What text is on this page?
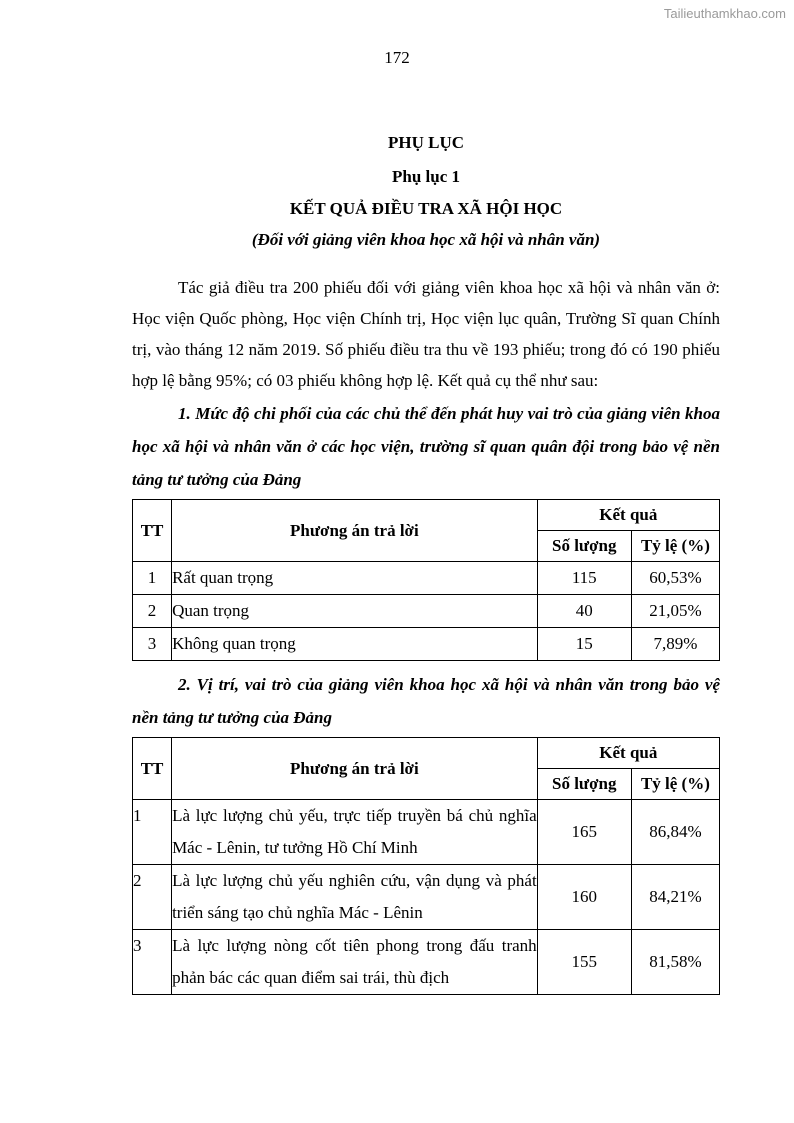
Tailieuthamkhao.com
172
PHỤ LỤC
Phụ lục 1
KẾT QUẢ ĐIỀU TRA XÃ HỘI HỌC
(Đối với giảng viên khoa học xã hội và nhân văn)

Tác giả điều tra 200 phiếu đối với giảng viên khoa học xã hội và nhân văn ở: Học viện Quốc phòng, Học viện Chính trị, Học viện lục quân, Trường Sĩ quan Chính trị, vào tháng 12 năm 2019. Số phiếu điều tra thu về 193 phiếu; trong đó có 190 phiếu hợp lệ bằng 95%; có 03 phiếu không hợp lệ. Kết quả cụ thể như sau:

1. Mức độ chi phối của các chủ thể đến phát huy vai trò của giảng viên khoa học xã hội và nhân văn ở các học viện, trường sĩ quan quân đội trong bảo vệ nền tảng tư tưởng của Đảng

TT	Phương án trả lời	Kết quả	
		Số lượng	Tỷ lệ (%)
1	Rất quan trọng	115	60,53%
2	Quan trọng	40	21,05%
3	Không quan trọng	15	7,89%

2. Vị trí, vai trò của giảng viên khoa học xã hội và nhân văn trong bảo vệ nền tảng tư tưởng của Đảng

TT	Phương án trả lời	Kết quả	
		Số lượng	Tỷ lệ (%)
1	Là lực lượng chủ yếu, trực tiếp truyền bá chủ nghĩa Mác - Lênin, tư tưởng Hồ Chí Minh	165	86,84%
2	Là lực lượng chủ yếu nghiên cứu, vận dụng và phát triển sáng tạo chủ nghĩa Mác - Lênin	160	84,21%
3	Là lực lượng nòng cốt tiên phong trong đấu tranh phản bác các quan điểm sai trái, thù địch	155	81,58%
